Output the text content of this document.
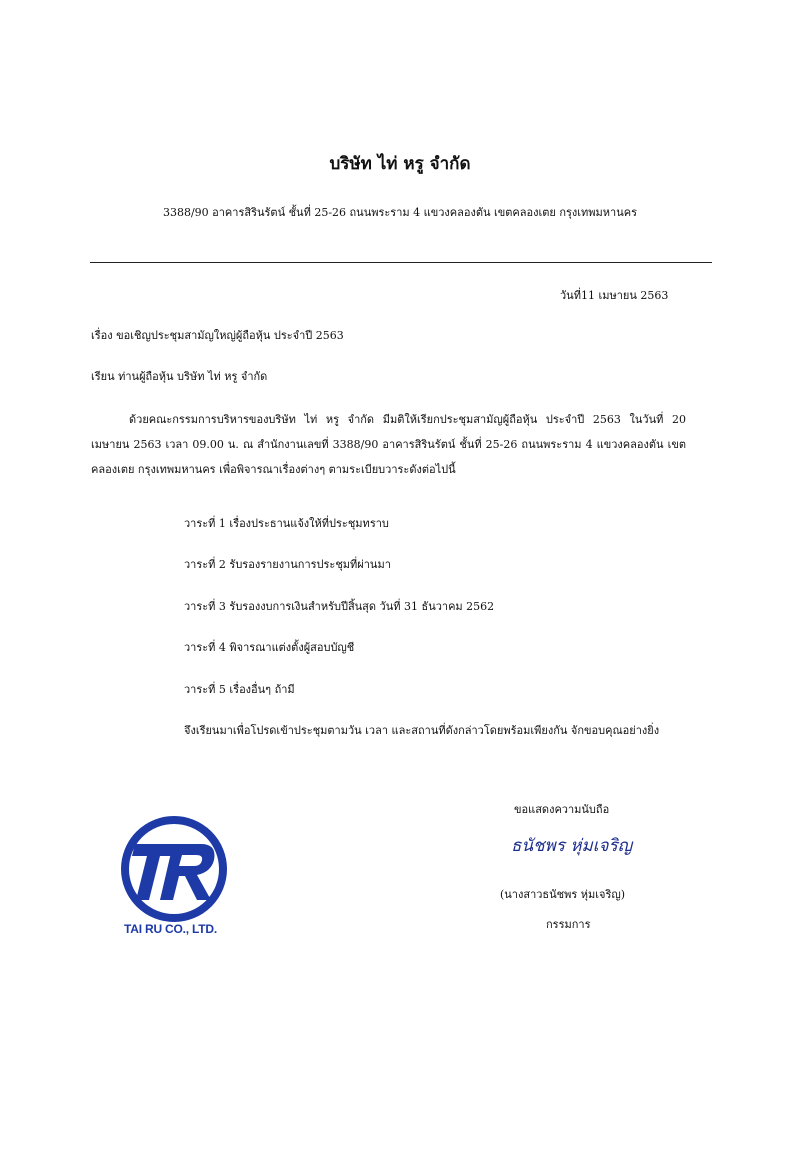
บริษัท ไท่ หรู จำกัด
3388/90 อาคารสิรินรัตน์ ชั้นที่ 25-26 ถนนพระราม 4 แขวงคลองตัน เขตคลองเตย กรุงเทพมหานคร
วันที่11 เมษายน 2563
เรื่อง ขอเชิญประชุมสามัญใหญ่ผู้ถือหุ้น ประจำปี 2563
เรียน ท่านผู้ถือหุ้น บริษัท ไท่ หรู จำกัด
ด้วยคณะกรรมการบริหารของบริษัท ไท่ หรู จำกัด มีมติให้เรียกประชุมสามัญผู้ถือหุ้น ประจำปี 2563 ในวันที่ 20 เมษายน 2563 เวลา 09.00 น. ณ สำนักงานเลขที่ 3388/90 อาคารสิรินรัตน์ ชั้นที่ 25-26 ถนนพระราม 4 แขวงคลองตัน เขตคลองเตย กรุงเทพมหานคร เพื่อพิจารณาเรื่องต่างๆ ตามระเบียบวาระดังต่อไปนี้
วาระที่ 1 เรื่องประธานแจ้งให้ที่ประชุมทราบ
วาระที่ 2 รับรองรายงานการประชุมที่ผ่านมา
วาระที่ 3 รับรองงบการเงินสำหรับปีสิ้นสุด วันที่ 31 ธันวาคม 2562
วาระที่ 4 พิจารณาแต่งตั้งผู้สอบบัญชี
วาระที่ 5 เรื่องอื่นๆ ถ้ามี
จึงเรียนมาเพื่อโปรดเข้าประชุมตามวัน เวลา และสถานที่ดังกล่าวโดยพร้อมเพียงกัน จักขอบคุณอย่างยิ่ง
ขอแสดงความนับถือ
ธนัชพร หุ่มเจริญ
(นางสาวธนัชพร หุ่มเจริญ)
กรรมการ
TAI RU CO., LTD.
